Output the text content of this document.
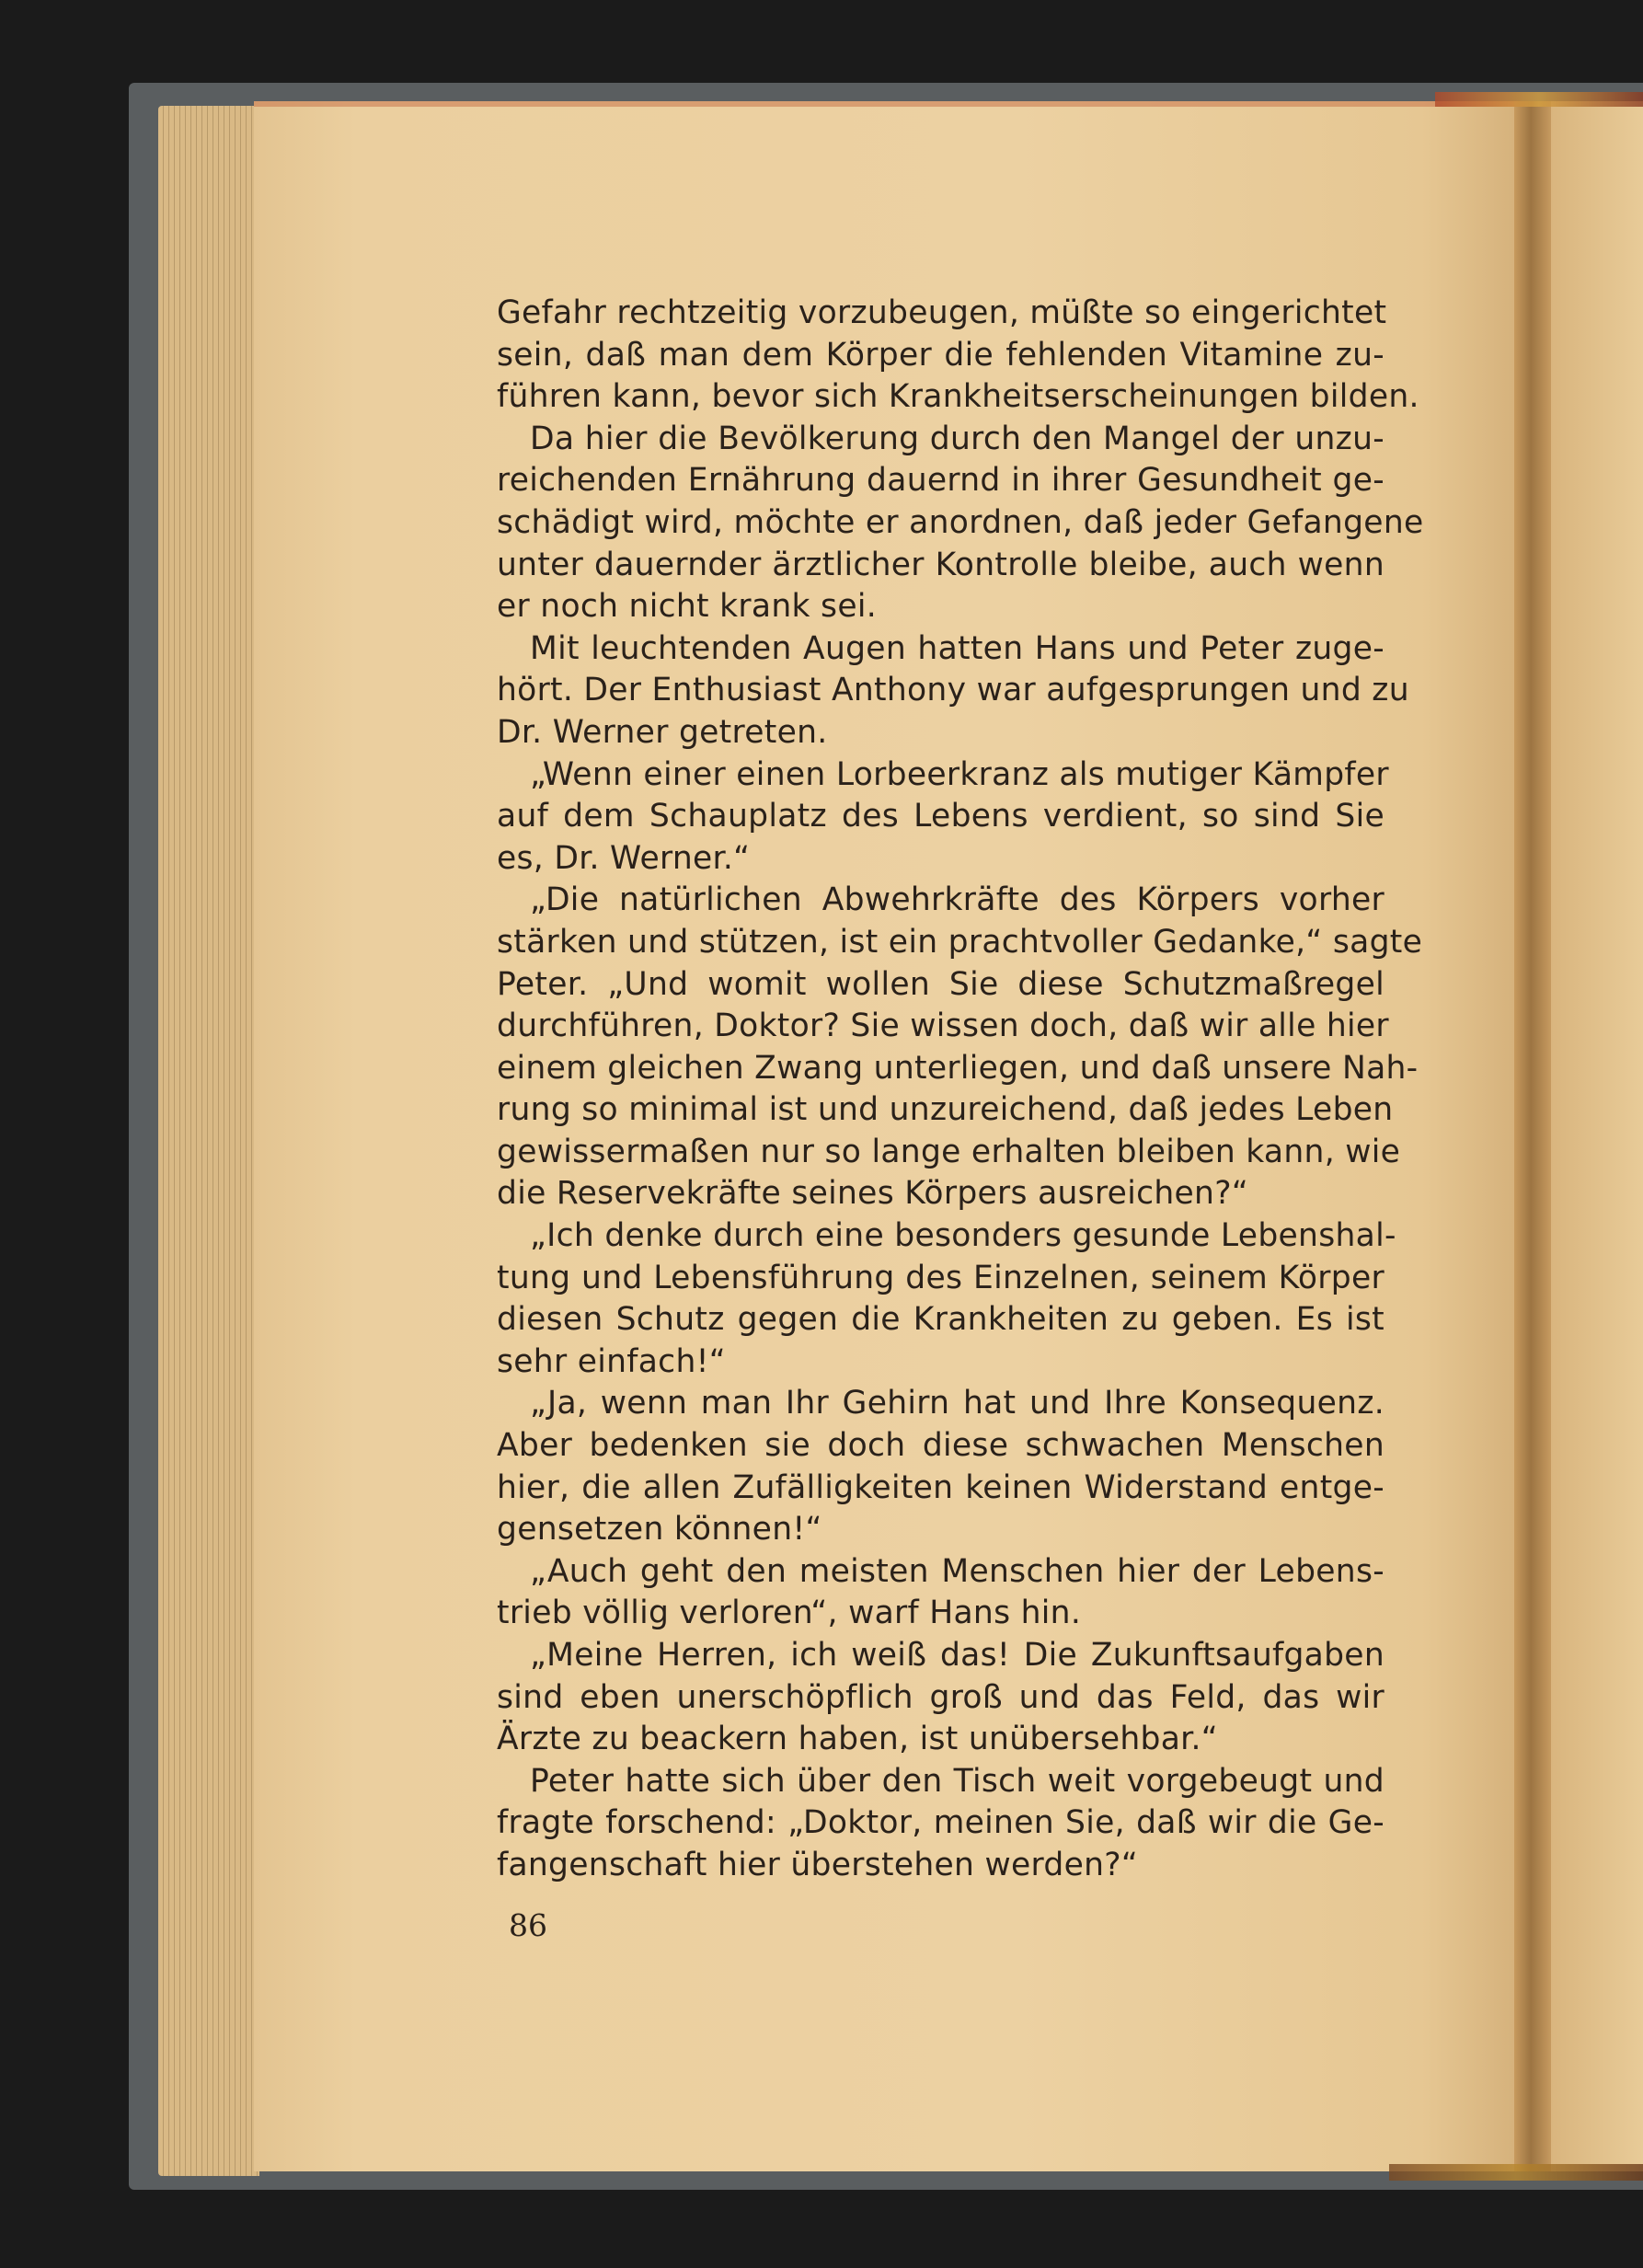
Gefahr rechtzeitig vorzubeugen, müßte so eingerichtet
sein, daß man dem Körper die fehlenden Vitamine zu-
führen kann, bevor sich Krankheitserscheinungen bilden.
Da hier die Bevölkerung durch den Mangel der unzu-
reichenden Ernährung dauernd in ihrer Gesundheit ge-
schädigt wird, möchte er anordnen, daß jeder Gefangene
unter dauernder ärztlicher Kontrolle bleibe, auch wenn
er noch nicht krank sei.
Mit leuchtenden Augen hatten Hans und Peter zuge-
hört. Der Enthusiast Anthony war aufgesprungen und zu
Dr. Werner getreten.
„Wenn einer einen Lorbeerkranz als mutiger Kämpfer
auf dem Schauplatz des Lebens verdient, so sind Sie
es, Dr. Werner.“
„Die natürlichen Abwehrkräfte des Körpers vorher
stärken und stützen, ist ein prachtvoller Gedanke,“ sagte
Peter. „Und womit wollen Sie diese Schutzmaßregel
durchführen, Doktor? Sie wissen doch, daß wir alle hier
einem gleichen Zwang unterliegen, und daß unsere Nah-
rung so minimal ist und unzureichend, daß jedes Leben
gewissermaßen nur so lange erhalten bleiben kann, wie
die Reservekräfte seines Körpers ausreichen?“
„Ich denke durch eine besonders gesunde Lebenshal-
tung und Lebensführung des Einzelnen, seinem Körper
diesen Schutz gegen die Krankheiten zu geben. Es ist
sehr einfach!“
„Ja, wenn man Ihr Gehirn hat und Ihre Konsequenz.
Aber bedenken sie doch diese schwachen Menschen
hier, die allen Zufälligkeiten keinen Widerstand entge-
gensetzen können!“
„Auch geht den meisten Menschen hier der Lebens-
trieb völlig verloren“, warf Hans hin.
„Meine Herren, ich weiß das! Die Zukunftsaufgaben
sind eben unerschöpflich groß und das Feld, das wir
Ärzte zu beackern haben, ist unübersehbar.“
Peter hatte sich über den Tisch weit vorgebeugt und
fragte forschend: „Doktor, meinen Sie, daß wir die Ge-
fangenschaft hier überstehen werden?“
86
